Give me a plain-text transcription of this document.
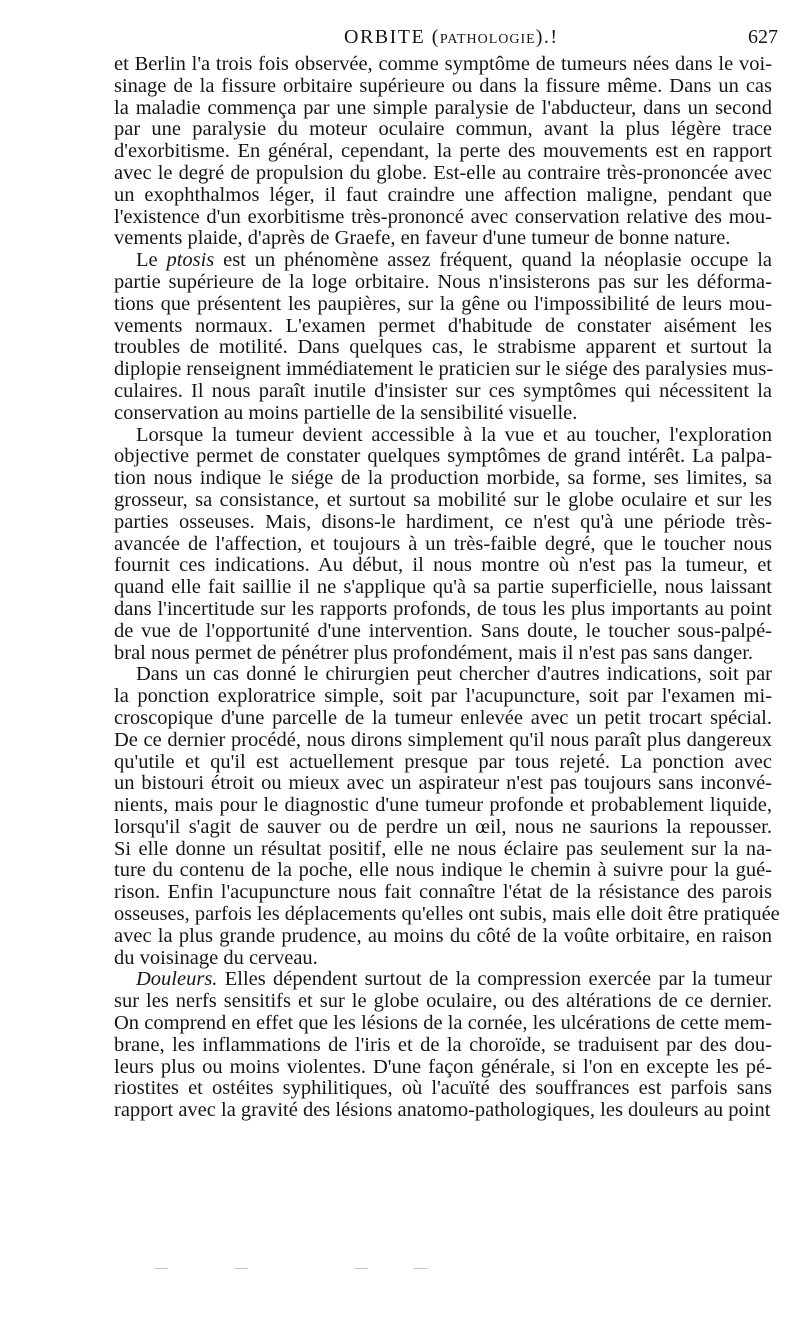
ORBITE (PATHOLOGIE).!	627

et Berlin l'a trois fois observée, comme symptôme de tumeurs nées dans le voi-
sinage de la fissure orbitaire supérieure ou dans la fissure même. Dans un cas
la maladie commença par une simple paralysie de l'abducteur, dans un second
par une paralysie du moteur oculaire commun, avant la plus légère trace
d'exorbitisme. En général, cependant, la perte des mouvements est en rapport
avec le degré de propulsion du globe. Est-elle au contraire très-prononcée avec
un exophthalmos léger, il faut craindre une affection maligne, pendant que
l'existence d'un exorbitisme très-prononcé avec conservation relative des mou-
vements plaide, d'après de Graefe, en faveur d'une tumeur de bonne nature.

Le ptosis est un phénomène assez fréquent, quand la néoplasie occupe la
partie supérieure de la loge orbitaire. Nous n'insisterons pas sur les déforma-
tions que présentent les paupières, sur la gêne ou l'impossibilité de leurs mou-
vements normaux. L'examen permet d'habitude de constater aisément les
troubles de motilité. Dans quelques cas, le strabisme apparent et surtout la
diplopie renseignent immédiatement le praticien sur le siége des paralysies mus-
culaires. Il nous paraît inutile d'insister sur ces symptômes qui nécessitent la
conservation au moins partielle de la sensibilité visuelle.

Lorsque la tumeur devient accessible à la vue et au toucher, l'exploration
objective permet de constater quelques symptômes de grand intérêt. La palpa-
tion nous indique le siége de la production morbide, sa forme, ses limites, sa
grosseur, sa consistance, et surtout sa mobilité sur le globe oculaire et sur les
parties osseuses. Mais, disons-le hardiment, ce n'est qu'à une période très-
avancée de l'affection, et toujours à un très-faible degré, que le toucher nous
fournit ces indications. Au début, il nous montre où n'est pas la tumeur, et
quand elle fait saillie il ne s'applique qu'à sa partie superficielle, nous laissant
dans l'incertitude sur les rapports profonds, de tous les plus importants au point
de vue de l'opportunité d'une intervention. Sans doute, le toucher sous-palpé-
bral nous permet de pénétrer plus profondément, mais il n'est pas sans danger.

Dans un cas donné le chirurgien peut chercher d'autres indications, soit par
la ponction exploratrice simple, soit par l'acupuncture, soit par l'examen mi-
croscopique d'une parcelle de la tumeur enlevée avec un petit trocart spécial.
De ce dernier procédé, nous dirons simplement qu'il nous paraît plus dangereux
qu'utile et qu'il est actuellement presque par tous rejeté. La ponction avec
un bistouri étroit ou mieux avec un aspirateur n'est pas toujours sans inconvé-
nients, mais pour le diagnostic d'une tumeur profonde et probablement liquide,
lorsqu'il s'agit de sauver ou de perdre un œil, nous ne saurions la repousser.
Si elle donne un résultat positif, elle ne nous éclaire pas seulement sur la na-
ture du contenu de la poche, elle nous indique le chemin à suivre pour la gué-
rison. Enfin l'acupuncture nous fait connaître l'état de la résistance des parois
osseuses, parfois les déplacements qu'elles ont subis, mais elle doit être pratiquée
avec la plus grande prudence, au moins du côté de la voûte orbitaire, en raison
du voisinage du cerveau.

Douleurs. Elles dépendent surtout de la compression exercée par la tumeur
sur les nerfs sensitifs et sur le globe oculaire, ou des altérations de ce dernier.
On comprend en effet que les lésions de la cornée, les ulcérations de cette mem-
brane, les inflammations de l'iris et de la choroïde, se traduisent par des dou-
leurs plus ou moins violentes. D'une façon générale, si l'on en excepte les pé-
riostites et ostéites syphilitiques, où l'acuïté des souffrances est parfois sans
rapport avec la gravité des lésions anatomo-pathologiques, les douleurs au point
